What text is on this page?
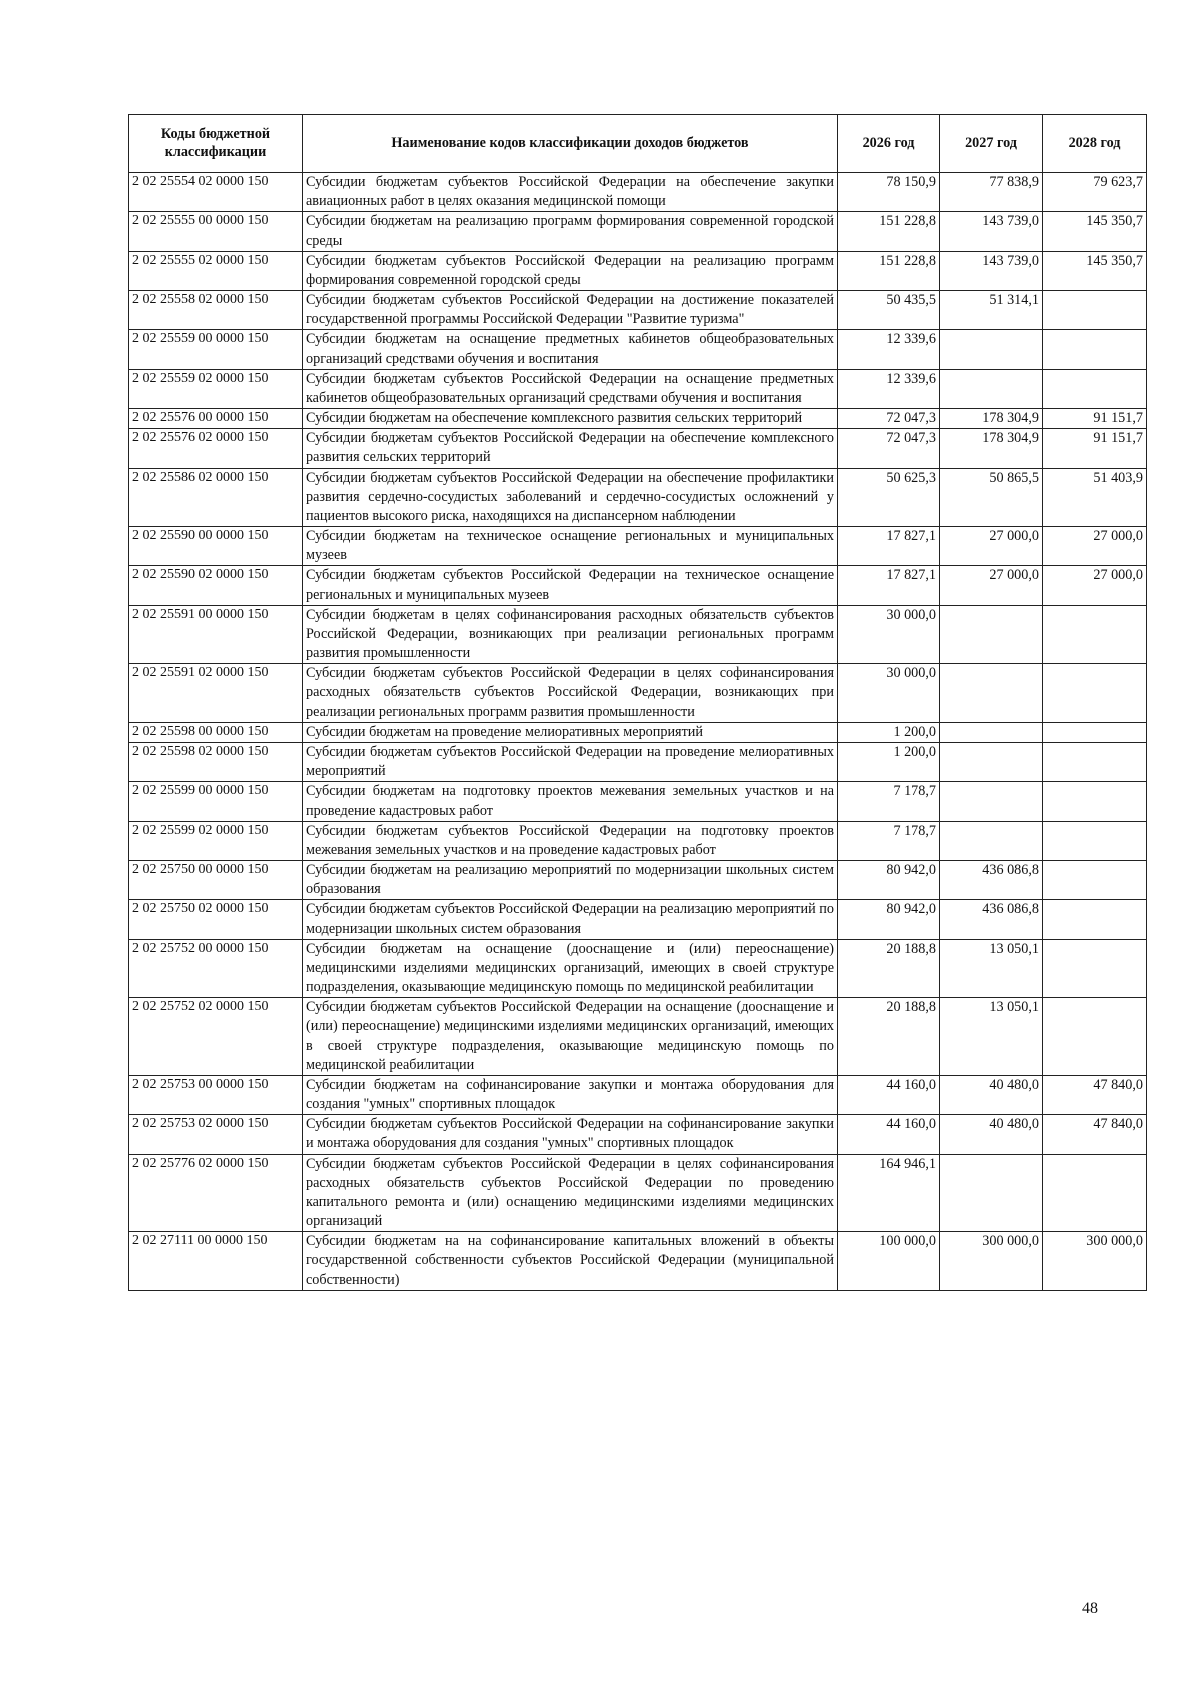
Коды бюджетной классификации	Наименование кодов классификации доходов бюджетов	2026 год	2027 год	2028 год
2 02 25554 02 0000 150	Субсидии бюджетам субъектов Российской Федерации на обеспечение закупки авиационных работ в целях оказания медицинской помощи	78 150,9	77 838,9	79 623,7
2 02 25555 00 0000 150	Субсидии бюджетам на реализацию программ формирования современной городской среды	151 228,8	143 739,0	145 350,7
2 02 25555 02 0000 150	Субсидии бюджетам субъектов Российской Федерации на реализацию программ формирования современной городской среды	151 228,8	143 739,0	145 350,7
2 02 25558 02 0000 150	Субсидии бюджетам субъектов Российской Федерации на достижение показателей государственной программы Российской Федерации "Развитие туризма"	50 435,5	51 314,1	
2 02 25559 00 0000 150	Субсидии бюджетам на оснащение предметных кабинетов общеобразовательных организаций средствами обучения и воспитания	12 339,6		
2 02 25559 02 0000 150	Субсидии бюджетам субъектов Российской Федерации на оснащение предметных кабинетов общеобразовательных организаций средствами обучения и воспитания	12 339,6		
2 02 25576 00 0000 150	Субсидии бюджетам на обеспечение комплексного развития сельских территорий	72 047,3	178 304,9	91 151,7
2 02 25576 02 0000 150	Субсидии бюджетам субъектов Российской Федерации на обеспечение комплексного развития сельских территорий	72 047,3	178 304,9	91 151,7
2 02 25586 02 0000 150	Субсидии бюджетам субъектов Российской Федерации на обеспечение профилактики развития сердечно-сосудистых заболеваний и сердечно-сосудистых осложнений у пациентов высокого риска, находящихся на диспансерном наблюдении	50 625,3	50 865,5	51 403,9
2 02 25590 00 0000 150	Субсидии бюджетам на техническое оснащение региональных и муниципальных музеев	17 827,1	27 000,0	27 000,0
2 02 25590 02 0000 150	Субсидии бюджетам субъектов Российской Федерации на техническое оснащение региональных и муниципальных музеев	17 827,1	27 000,0	27 000,0
2 02 25591 00 0000 150	Субсидии бюджетам в целях софинансирования расходных обязательств субъектов Российской Федерации, возникающих при реализации региональных программ развития промышленности	30 000,0		
2 02 25591 02 0000 150	Субсидии бюджетам субъектов Российской Федерации в целях софинансирования расходных обязательств субъектов Российской Федерации, возникающих при реализации региональных программ развития промышленности	30 000,0		
2 02 25598 00 0000 150	Субсидии бюджетам на проведение мелиоративных мероприятий	1 200,0		
2 02 25598 02 0000 150	Субсидии бюджетам субъектов Российской Федерации на проведение мелиоративных мероприятий	1 200,0		
2 02 25599 00 0000 150	Субсидии бюджетам на подготовку проектов межевания земельных участков и на проведение кадастровых работ	7 178,7		
2 02 25599 02 0000 150	Субсидии бюджетам субъектов Российской Федерации на подготовку проектов межевания земельных участков и на проведение кадастровых работ	7 178,7		
2 02 25750 00 0000 150	Субсидии бюджетам на реализацию мероприятий по модернизации школьных систем образования	80 942,0	436 086,8	
2 02 25750 02 0000 150	Субсидии бюджетам субъектов Российской Федерации на реализацию мероприятий по модернизации школьных систем образования	80 942,0	436 086,8	
2 02 25752 00 0000 150	Субсидии бюджетам на оснащение (дооснащение и (или) переоснащение) медицинскими изделиями медицинских организаций, имеющих в своей структуре подразделения, оказывающие медицинскую помощь по медицинской реабилитации	20 188,8	13 050,1	
2 02 25752 02 0000 150	Субсидии бюджетам субъектов Российской Федерации на оснащение (дооснащение и (или) переоснащение) медицинскими изделиями медицинских организаций, имеющих в своей структуре подразделения, оказывающие медицинскую помощь по медицинской реабилитации	20 188,8	13 050,1	
2 02 25753 00 0000 150	Субсидии бюджетам на софинансирование закупки и монтажа оборудования для создания "умных" спортивных площадок	44 160,0	40 480,0	47 840,0
2 02 25753 02 0000 150	Субсидии бюджетам субъектов Российской Федерации на софинансирование закупки и монтажа оборудования для создания "умных" спортивных площадок	44 160,0	40 480,0	47 840,0
2 02 25776 02 0000 150	Субсидии бюджетам субъектов Российской Федерации в целях софинансирования расходных обязательств субъектов Российской Федерации по проведению капитального ремонта и (или) оснащению медицинскими изделиями медицинских организаций	164 946,1		
2 02 27111 00 0000 150	Субсидии бюджетам на на софинансирование капитальных вложений в объекты государственной собственности субъектов Российской Федерации (муниципальной собственности)	100 000,0	300 000,0	300 000,0
48
